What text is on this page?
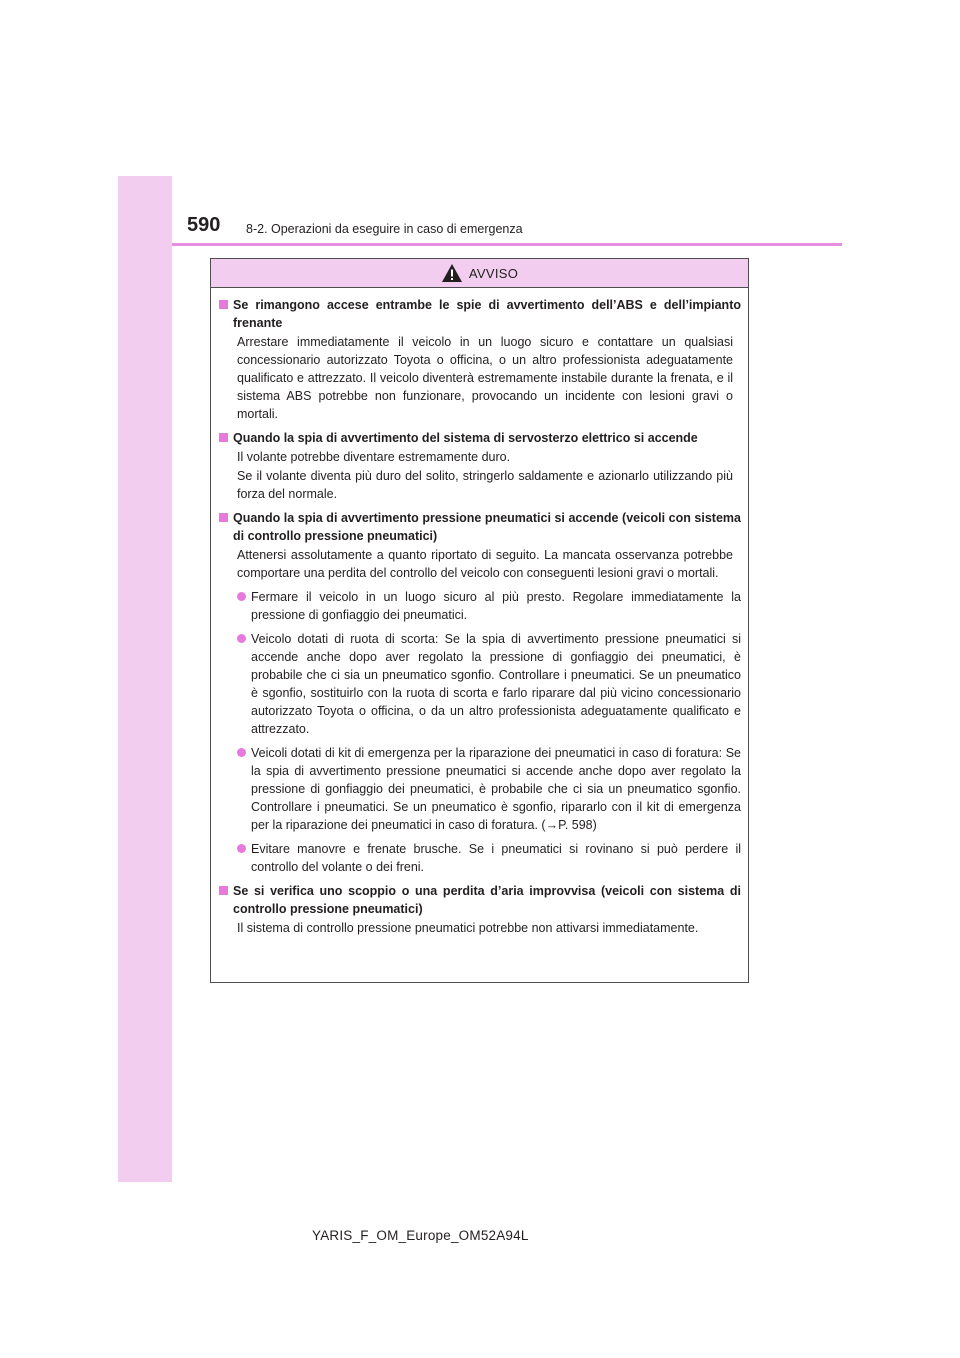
590 8-2. Operazioni da eseguire in caso di emergenza
AVVISO
Se rimangono accese entrambe le spie di avvertimento dell’ABS e dell’impianto frenante
Arrestare immediatamente il veicolo in un luogo sicuro e contattare un qualsiasi concessionario autorizzato Toyota o officina, o un altro professionista adeguatamente qualificato e attrezzato. Il veicolo diventerà estremamente instabile durante la frenata, e il sistema ABS potrebbe non funzionare, provocando un incidente con lesioni gravi o mortali.
Quando la spia di avvertimento del sistema di servosterzo elettrico si accende
Il volante potrebbe diventare estremamente duro.
Se il volante diventa più duro del solito, stringerlo saldamente e azionarlo utilizzando più forza del normale.
Quando la spia di avvertimento pressione pneumatici si accende (veicoli con sistema di controllo pressione pneumatici)
Attenersi assolutamente a quanto riportato di seguito. La mancata osservanza potrebbe comportare una perdita del controllo del veicolo con conseguenti lesioni gravi o mortali.
Fermare il veicolo in un luogo sicuro al più presto. Regolare immediatamente la pressione di gonfiaggio dei pneumatici.
Veicolo dotati di ruota di scorta: Se la spia di avvertimento pressione pneumatici si accende anche dopo aver regolato la pressione di gonfiaggio dei pneumatici, è probabile che ci sia un pneumatico sgonfio. Controllare i pneumatici. Se un pneumatico è sgonfio, sostituirlo con la ruota di scorta e farlo riparare dal più vicino concessionario autorizzato Toyota o officina, o da un altro professionista adeguatamente qualificato e attrezzato.
Veicoli dotati di kit di emergenza per la riparazione dei pneumatici in caso di foratura: Se la spia di avvertimento pressione pneumatici si accende anche dopo aver regolato la pressione di gonfiaggio dei pneumatici, è probabile che ci sia un pneumatico sgonfio. Controllare i pneumatici. Se un pneumatico è sgonfio, ripararlo con il kit di emergenza per la riparazione dei pneumatici in caso di foratura. (→P. 598)
Evitare manovre e frenate brusche. Se i pneumatici si rovinano si può perdere il controllo del volante o dei freni.
Se si verifica uno scoppio o una perdita d’aria improvvisa (veicoli con sistema di controllo pressione pneumatici)
Il sistema di controllo pressione pneumatici potrebbe non attivarsi immediatamente.
YARIS_F_OM_Europe_OM52A94L
